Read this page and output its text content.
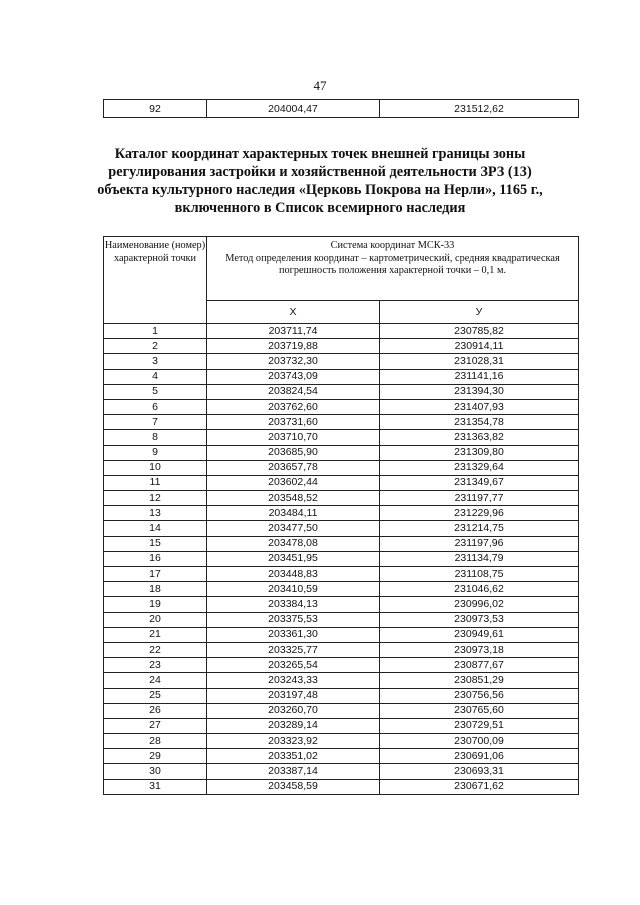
47
92	204004,47	231512,62
Каталог координат характерных точек внешней границы зоны регулирования застройки и хозяйственной деятельности ЗРЗ (13) объекта культурного наследия «Церковь Покрова на Нерли», 1165 г., включенного в Список всемирного наследия
Наименование (номер) характерной точки	Система координат МСК-33
Метод определения координат – картометрический, средняя квадратическая погрешность положения характерной точки – 0,1 м.	

	X	У
1	203711,74	230785,82
2	203719,88	230914,11
3	203732,30	231028,31
4	203743,09	231141,16
5	203824,54	231394,30
6	203762,60	231407,93
7	203731,60	231354,78
8	203710,70	231363,82
9	203685,90	231309,80
10	203657,78	231329,64
11	203602,44	231349,67
12	203548,52	231197,77
13	203484,11	231229,96
14	203477,50	231214,75
15	203478,08	231197,96
16	203451,95	231134,79
17	203448,83	231108,75
18	203410,59	231046,62
19	203384,13	230996,02
20	203375,53	230973,53
21	203361,30	230949,61
22	203325,77	230973,18
23	203265,54	230877,67
24	203243,33	230851,29
25	203197,48	230756,56
26	203260,70	230765,60
27	203289,14	230729,51
28	203323,92	230700,09
29	203351,02	230691,06
30	203387,14	230693,31
31	203458,59	230671,62
